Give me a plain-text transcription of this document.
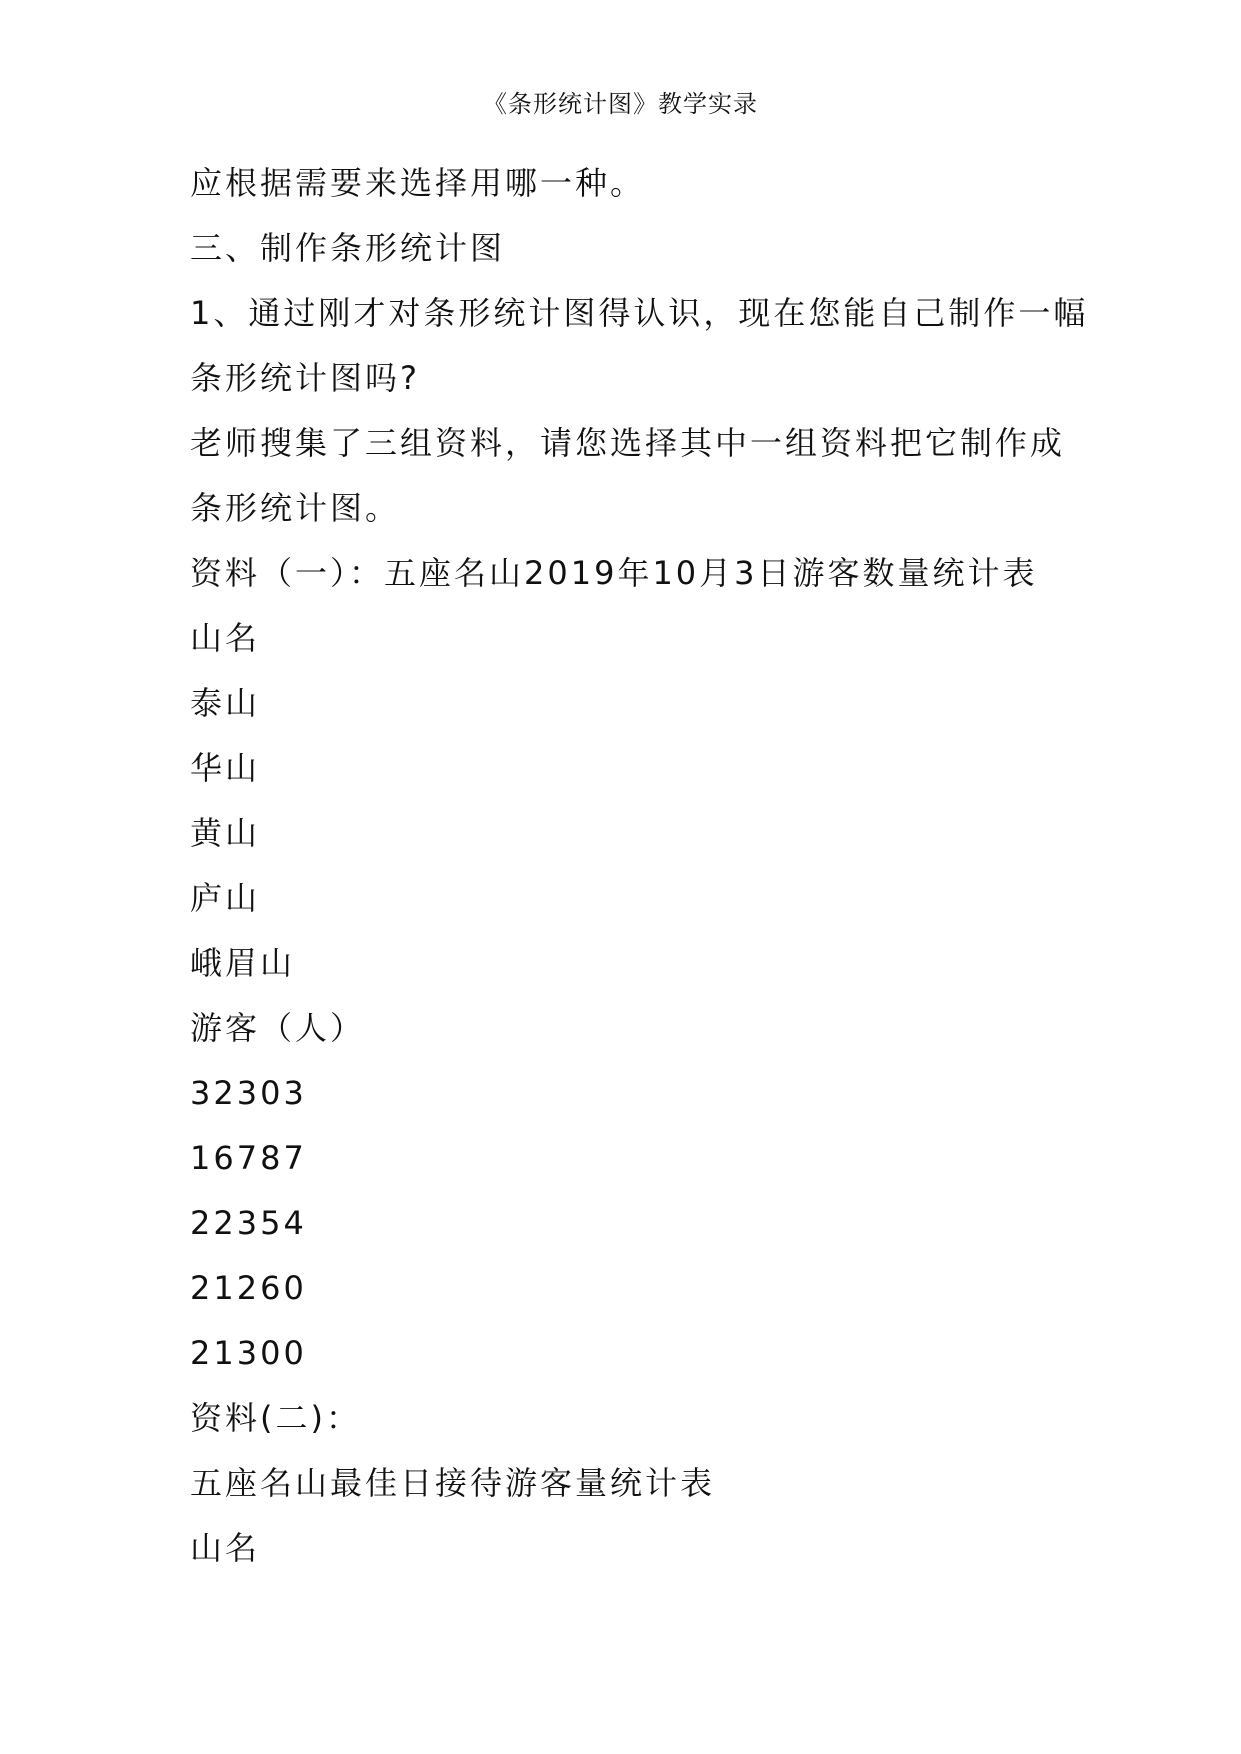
《条形统计图》教学实录
应根据需要来选择用哪一种。
三、制作条形统计图
1、通过刚才对条形统计图得认识，现在您能自己制作一幅
条形统计图吗?
老师搜集了三组资料，请您选择其中一组资料把它制作成
条形统计图。
资料（一）：五座名山2019年10月3日游客数量统计表
山名
泰山
华山
黄山
庐山
峨眉山
游客（人）
32303
16787
22354
21260
21300
资料(二)：
五座名山最佳日接待游客量统计表
山名
